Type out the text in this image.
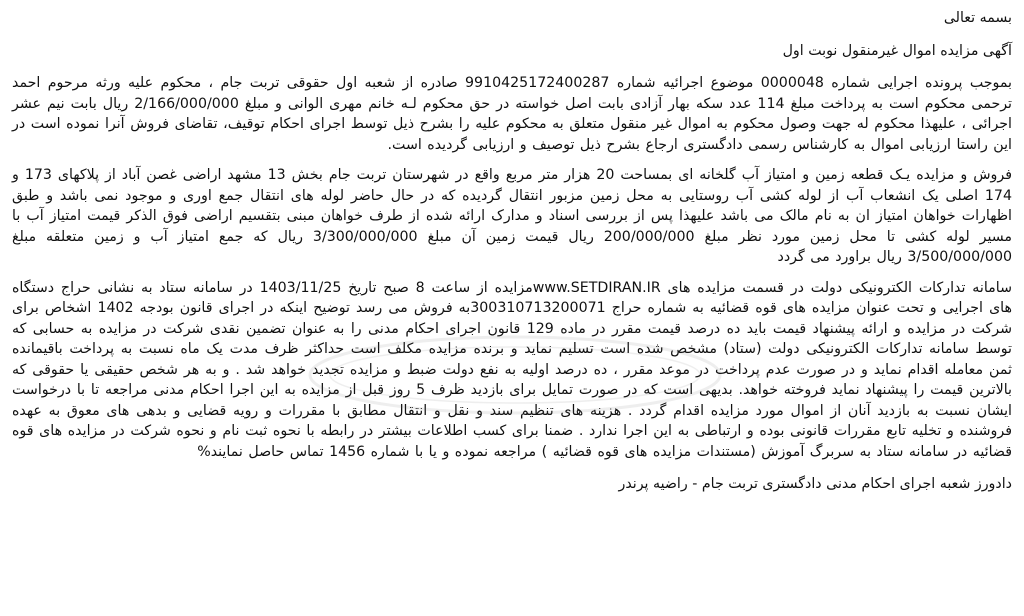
بسمه تعالی

آگهی مزایده اموال غیرمنقول نوبت اول

بموجب پرونده اجرایی شماره 0000048 موضوع اجرائیه شماره 9910425172400287 صادره از شعبه اول حقوقی تربت جام ، محکوم علیه ورثه مرحوم احمد ترحمی محکوم است به پرداخت مبلغ 114 عدد سکه بهار آزادی بابت اصل خواسته در حق محکوم لـه خانم مهری الوانی و مبلغ 2/166/000/000 ریال بابت نیم عشر اجرائی ، علیهذا محکوم له جهت وصول محکوم به اموال غیر منقول متعلق به محکوم علیه را بشرح ذیل توسط اجرای احکام توقیف، تقاضای فروش آنرا نموده است در این راستا ارزیابی اموال به کارشناس رسمی دادگستری ارجاع بشرح ذیل توصیف و ارزیابی گردیده است.

فروش و مزایده یـک قطعه زمین و امتیاز آب گلخانه ای بمساحت 20 هزار متر مربع واقع در شهرستان تربت جام بخش 13 مشهد اراضی غصن آباد از پلاکهای 173 و 174 اصلی یک انشعاب آب از لوله کشی آب روستایی به محل زمین مزبور انتقال گردیده که در حال حاضر لوله های انتقال جمع اوری و موجود نمی باشد و طبق اظهارات خواهان امتیاز ان به نام مالک می باشد علیهذا پس از بررسی اسناد و مدارک ارائه شده از طرف خواهان مبنی بتقسیم اراضی فوق الذکر قیمت امتیاز آب با مسیر لوله کشی تا محل زمین مورد نظر مبلغ 200/000/000 ریال قیمت زمین آن مبلغ 3/300/000/000 ریال که جمع امتیاز آب و زمین متعلقه مبلغ 3/500/000/000 ریال براورد می گردد

سامانه تدارکات الکترونیکی دولت در قسمت مزایده های www.SETDIRAN.IRمزایده از ساعت 8 صبح تاریخ 1403/11/25 در سامانه ستاد به نشانی حراج دستگاه های اجرایی و تحت عنوان مزایده های قوه قضائیه به شماره حراج 300310713200071به فروش می رسد توضیح اینکه در اجرای قانون بودجه 1402 اشخاص برای شرکت در مزایده و ارائه پیشنهاد قیمت باید ده درصد قیمت مقرر در ماده 129 قانون اجرای احکام مدنی را به عنوان تضمین نقدی شرکت در مزایده به حسابی که توسط سامانه تدارکات الکترونیکی دولت (ستاد) مشخص شده است تسلیم نماید و برنده مزایده مکلف است حداکثر ظرف مدت یک ماه نسبت به پرداخت باقیمانده ثمن معامله اقدام نماید و در صورت عدم پرداخت در موعد مقرر ، ده درصد اولیه به نفع دولت ضبط و مزایده تجدید خواهد شد . و به هر شخص حقیقی یا حقوقی که بالاترین قیمت را پیشنهاد نماید فروخته خواهد. بدیهی است که در صورت تمایل برای بازدید ظرف 5 روز قبل از مزایده به این اجرا احکام مدنی مراجعه تا با درخواست ایشان نسبت به بازدید آنان از اموال مورد مزایده اقدام گردد . هزینه های تنظیم سند و نقل و انتقال مطابق با مقررات و رویه قضایی و بدهی های معوق به عهده فروشنده و تخلیه تابع مقررات قانونی بوده و ارتباطی به این اجرا ندارد . ضمنا برای کسب اطلاعات بیشتر در رابطه با نحوه ثبت نام و نحوه شرکت در مزایده های قوه قضائیه در سامانه ستاد به سربرگ آموزش (مستندات مزایده های قوه قضائیه ) مراجعه نموده و یا با شماره 1456 تماس حاصل نمایند%

دادورز شعبه اجرای احکام مدنی دادگستری تربت جام - راضیه پرندر
